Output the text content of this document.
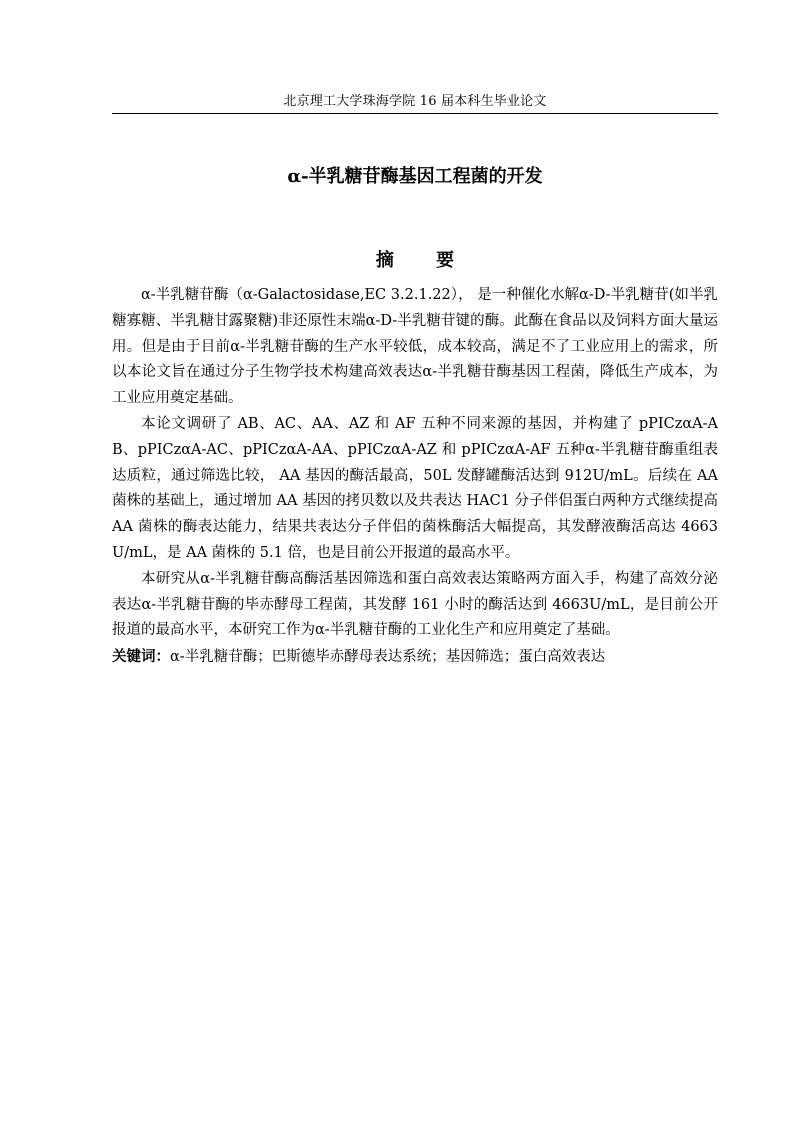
北京理工大学珠海学院 16 届本科生毕业论文
α-半乳糖苷酶基因工程菌的开发
摘 要

α-半乳糖苷酶（α-Galactosidase,EC 3.2.1.22）， 是一种催化水解α-D-半乳糖苷(如半乳糖寡糖、半乳糖甘露聚糖)非还原性末端α-D-半乳糖苷键的酶。此酶在食品以及饲料方面大量运用。但是由于目前α-半乳糖苷酶的生产水平较低，成本较高，满足不了工业应用上的需求，所以本论文旨在通过分子生物学技术构建高效表达α-半乳糖苷酶基因工程菌，降低生产成本，为工业应用奠定基础。

本论文调研了 AB、AC、AA、AZ 和 AF 五种不同来源的基因，并构建了 pPICzαA-AB、pPICzαA-AC、pPICzαA-AA、pPICzαA-AZ 和 pPICzαA-AF 五种α-半乳糖苷酶重组表达质粒，通过筛选比较， AA 基因的酶活最高，50L 发酵罐酶活达到 912U/mL。后续在 AA 菌株的基础上，通过增加 AA 基因的拷贝数以及共表达 HAC1 分子伴侣蛋白两种方式继续提高 AA 菌株的酶表达能力，结果共表达分子伴侣的菌株酶活大幅提高，其发酵液酶活高达 4663U/mL，是 AA 菌株的 5.1 倍，也是目前公开报道的最高水平。

本研究从α-半乳糖苷酶高酶活基因筛选和蛋白高效表达策略两方面入手，构建了高效分泌表达α-半乳糖苷酶的毕赤酵母工程菌，其发酵 161 小时的酶活达到 4663U/mL，是目前公开报道的最高水平，本研究工作为α-半乳糖苷酶的工业化生产和应用奠定了基础。

关键词：α-半乳糖苷酶；巴斯德毕赤酵母表达系统；基因筛选；蛋白高效表达
